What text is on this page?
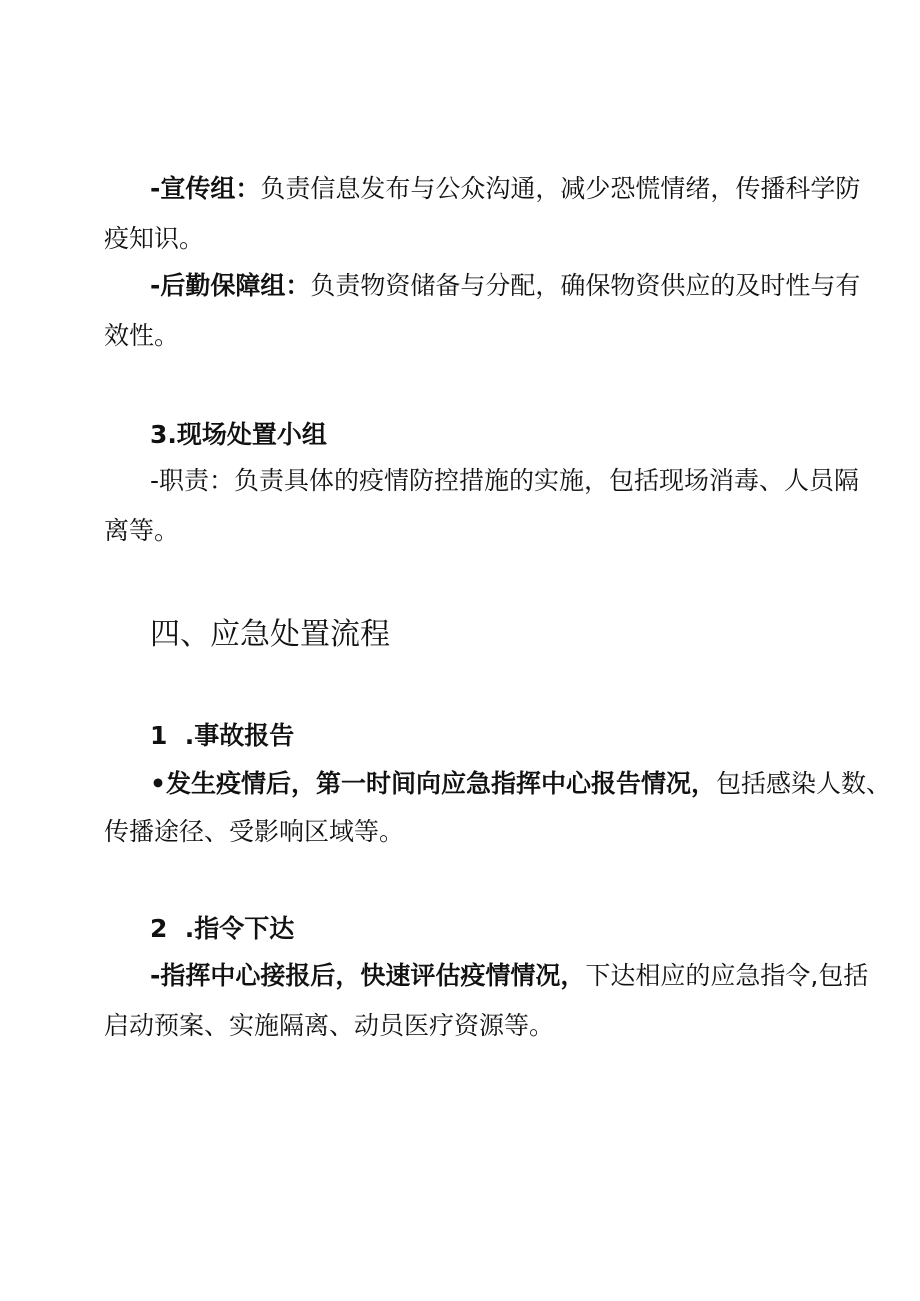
-宣传组：负责信息发布与公众沟通，减少恐慌情绪，传播科学防
疫知识。
-后勤保障组：负责物资储备与分配，确保物资供应的及时性与有
效性。
3.现场处置小组
-职责：负责具体的疫情防控措施的实施，包括现场消毒、人员隔
离等。
四、应急处置流程
1  .事故报告
•发生疫情后，第一时间向应急指挥中心报告情况，包括感染人数、
传播途径、受影响区域等。
2  .指令下达
-指挥中心接报后，快速评估疫情情况，下达相应的应急指令,包括
启动预案、实施隔离、动员医疗资源等。
